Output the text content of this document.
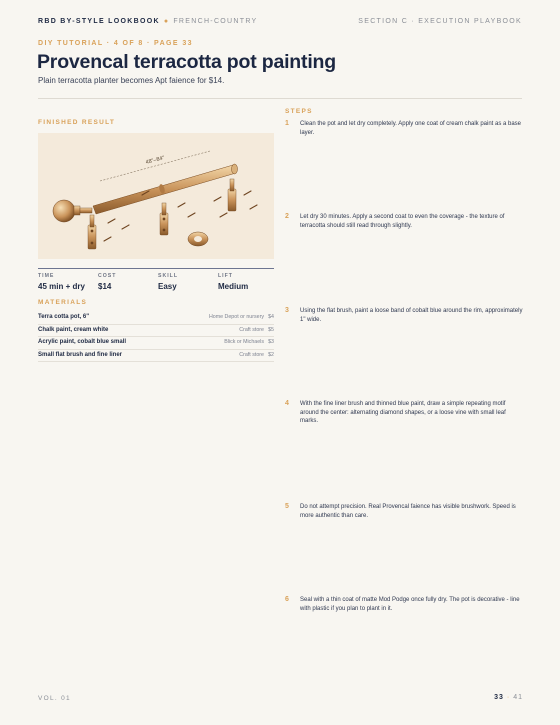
RBD BY-STYLE LOOKBOOK ● FRENCH-COUNTRY	SECTION C · EXECUTION PLAYBOOK
DIY TUTORIAL · 4 OF 8 · PAGE 33
Provencal terracotta pot painting
Plain terracotta planter becomes Apt faience for $14.
FINISHED RESULT
48"–84"
TIME
45 min + dry
COST
$14
SKILL
Easy
LIFT
Medium
MATERIALS
Terra cotta pot, 6"	Home Depot or nursery $4
Chalk paint, cream white	Craft store $5
Acrylic paint, cobalt blue small	Blick or Michaels $3
Small flat brush and fine liner	Craft store $2
STEPS
1 Clean the pot and let dry completely. Apply one coat of cream chalk paint as a base layer.
2 Let dry 30 minutes. Apply a second coat to even the coverage - the texture of terracotta should still read through slightly.
3 Using the flat brush, paint a loose band of cobalt blue around the rim, approximately 1" wide.
4 With the fine liner brush and thinned blue paint, draw a simple repeating motif around the center: alternating diamond shapes, or a loose vine with small leaf marks.
5 Do not attempt precision. Real Provencal faience has visible brushwork. Speed is more authentic than care.
6 Seal with a thin coat of matte Mod Podge once fully dry. The pot is decorative - line with plastic if you plan to plant in it.
VOL. 01	33 · 41
